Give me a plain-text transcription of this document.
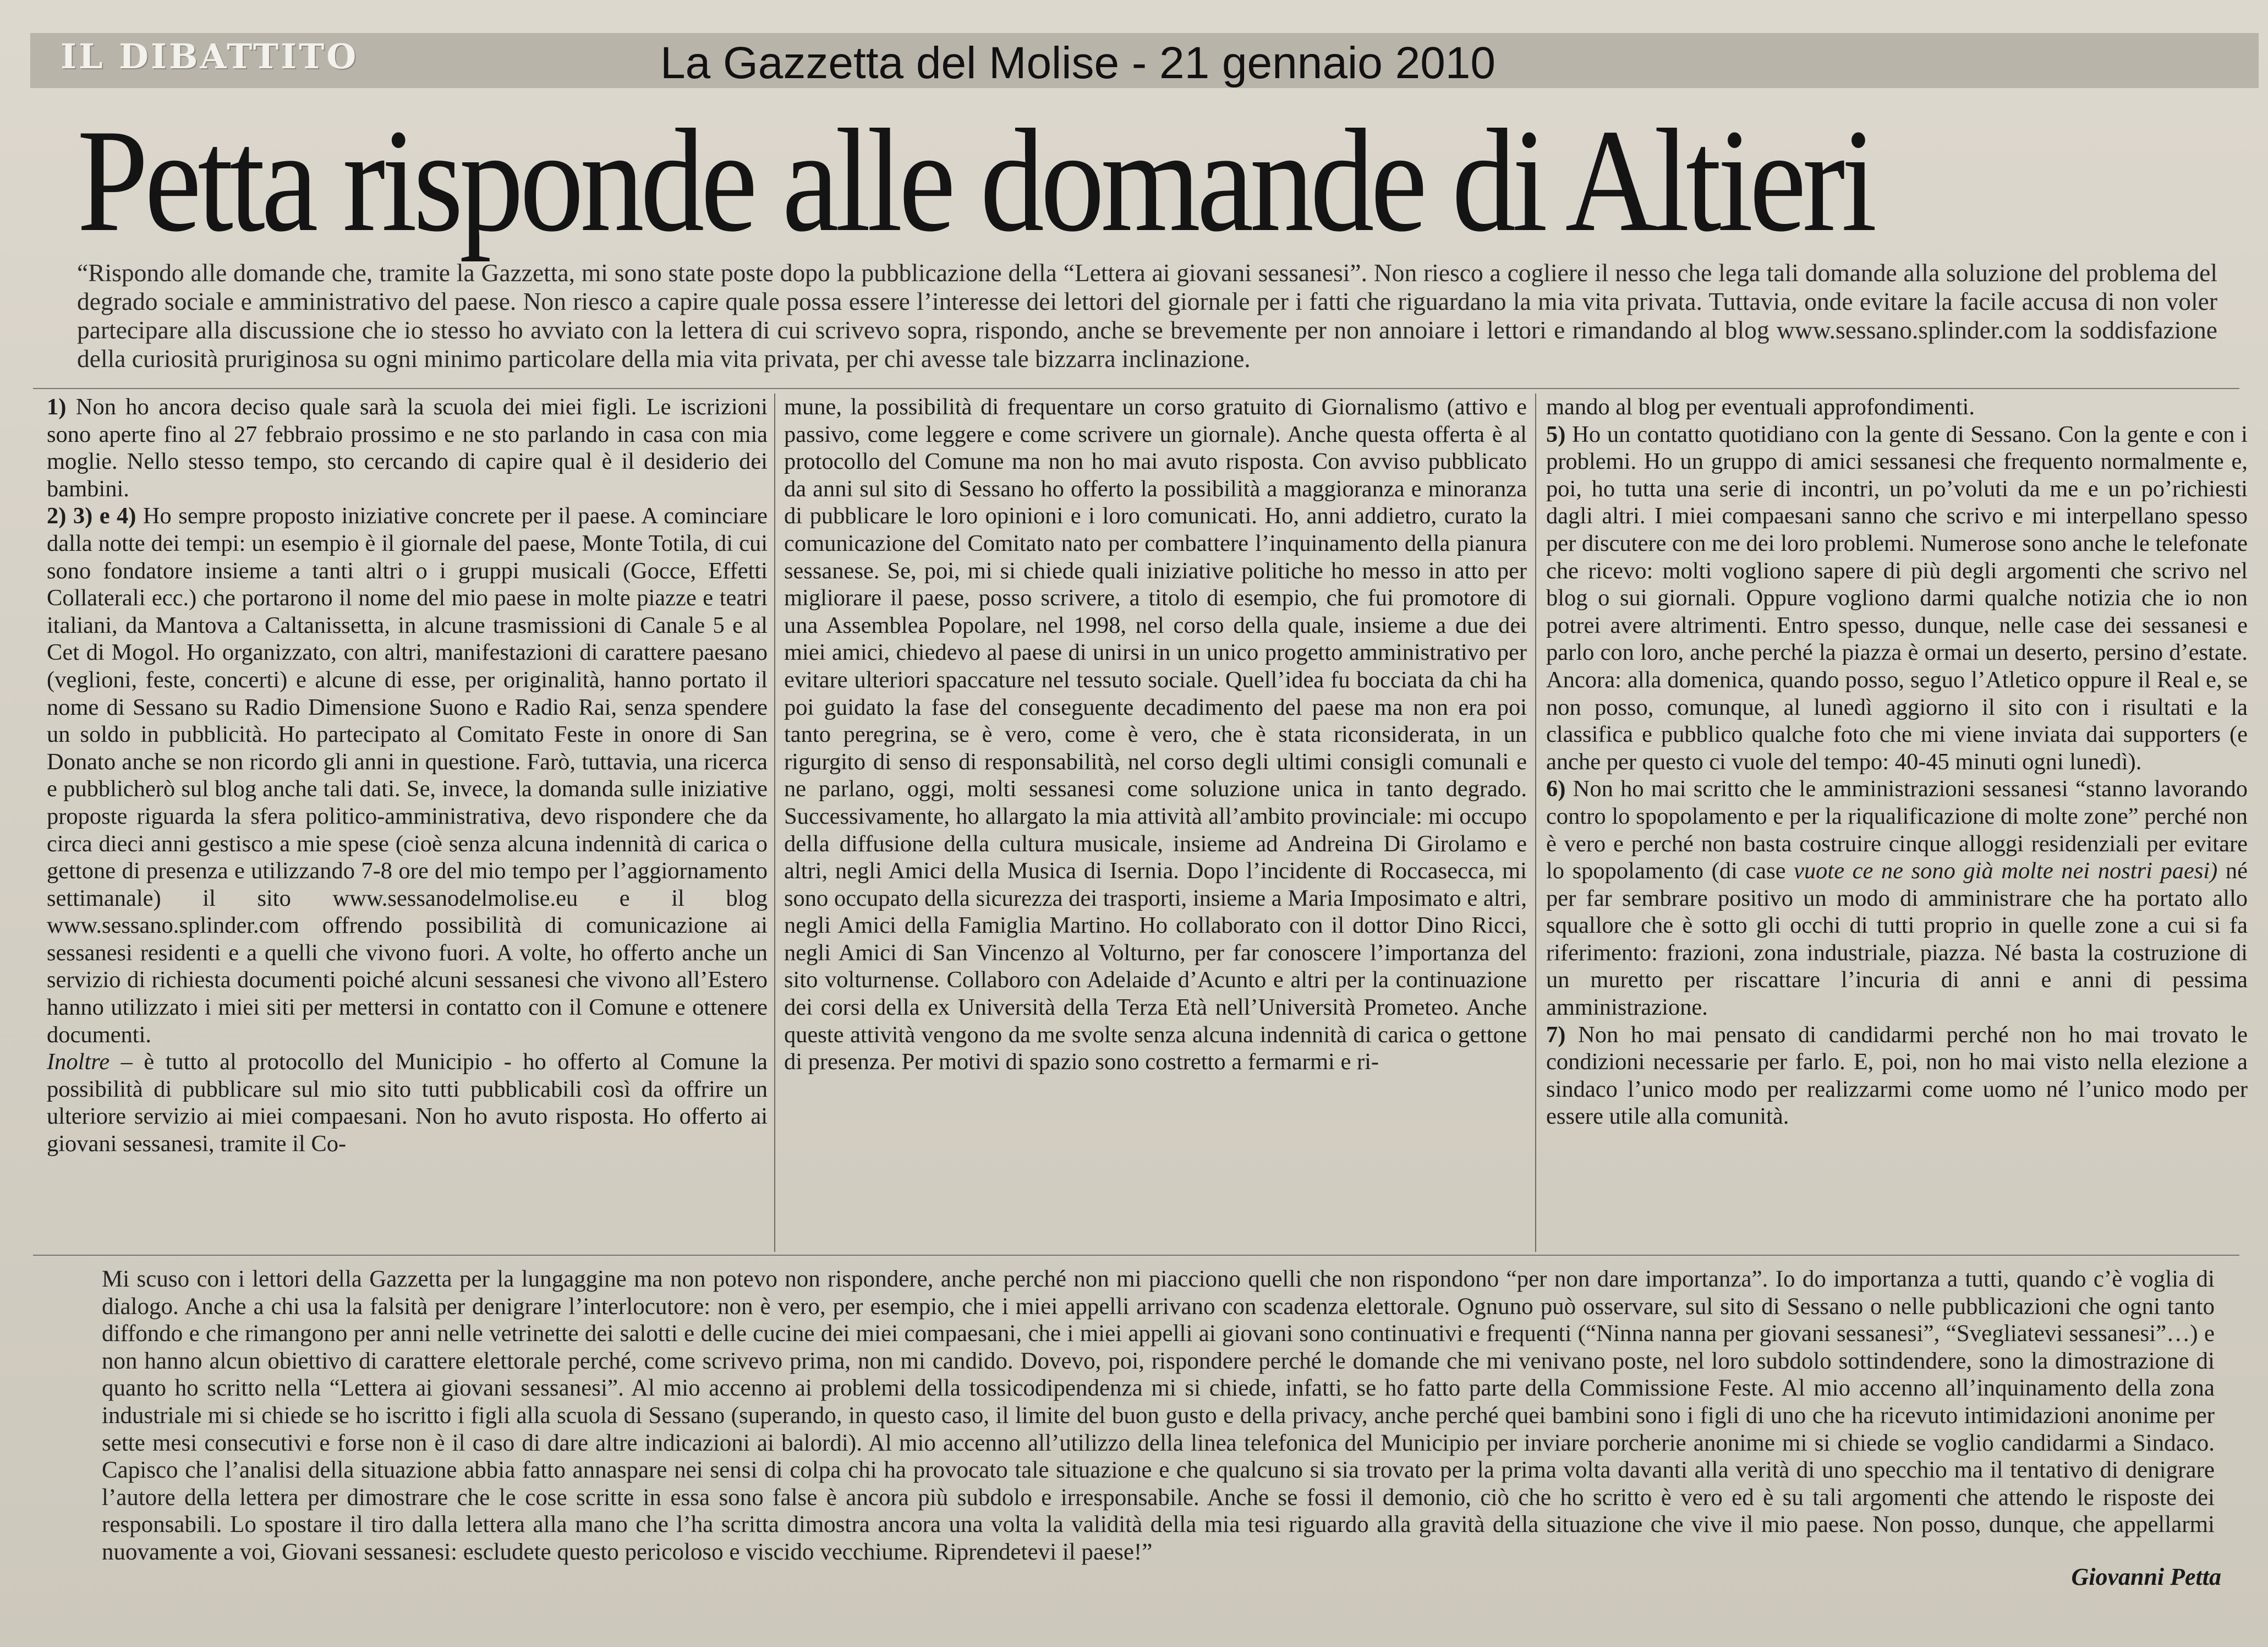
IL DIBATTITO	La Gazzetta del Molise - 21 gennaio 2010
Petta risponde alle domande di Altieri
“Rispondo alle domande che, tramite la Gazzetta, mi sono state poste dopo la pubblicazione della “Lettera ai giovani sessanesi”. Non riesco a cogliere il nesso che lega tali domande alla soluzione del problema del degrado sociale e amministrativo del paese. Non riesco a capire quale possa essere l’interesse dei lettori del giornale per i fatti che riguardano la mia vita privata. Tuttavia, onde evitare la facile accusa di non voler partecipare alla discussione che io stesso ho avviato con la lettera di cui scrivevo sopra, rispondo, anche se brevemente per non annoiare i lettori e rimandando al blog www.sessano.splinder.com la soddisfazione della curiosità pruriginosa su ogni minimo particolare della mia vita privata, per chi avesse tale bizzarra inclinazione.

1) Non ho ancora deciso quale sarà la scuola dei miei figli. Le iscrizioni sono aperte fino al 27 febbraio prossimo e ne sto parlando in casa con mia moglie. Nello stesso tempo, sto cercando di capire qual è il desiderio dei bambini.

2) 3) e 4) Ho sempre proposto iniziative concrete per il paese. A cominciare dalla notte dei tempi: un esempio è il giornale del paese, Monte Totila, di cui sono fondatore insieme a tanti altri o i gruppi musicali (Gocce, Effetti Collaterali ecc.) che portarono il nome del mio paese in molte piazze e teatri italiani, da Mantova a Caltanissetta, in alcune trasmissioni di Canale 5 e al Cet di Mogol. Ho organizzato, con altri, manifestazioni di carattere paesano (veglioni, feste, concerti) e alcune di esse, per originalità, hanno portato il nome di Sessano su Radio Dimensione Suono e Radio Rai, senza spendere un soldo in pubblicità. Ho partecipato al Comitato Feste in onore di San Donato anche se non ricordo gli anni in questione. Farò, tuttavia, una ricerca e pubblicherò sul blog anche tali dati. Se, invece, la domanda sulle iniziative proposte riguarda la sfera politico-amministrativa, devo rispondere che da circa dieci anni gestisco a mie spese (cioè senza alcuna indennità di carica o gettone di presenza e utilizzando 7-8 ore del mio tempo per l’aggiornamento settimanale) il sito www.sessanodelmolise.eu e il blog www.sessano.splinder.com offrendo possibilità di comunicazione ai sessanesi residenti e a quelli che vivono fuori. A volte, ho offerto anche un servizio di richiesta documenti poiché alcuni sessanesi che vivono all’Estero hanno utilizzato i miei siti per mettersi in contatto con il Comune e ottenere documenti.

Inoltre – è tutto al protocollo del Municipio - ho offerto al Comune la possibilità di pubblicare sul mio sito tutti pubblicabili così da offrire un ulteriore servizio ai miei compaesani. Non ho avuto risposta. Ho offerto ai giovani sessanesi, tramite il Co-

mune, la possibilità di frequentare un corso gratuito di Giornalismo (attivo e passivo, come leggere e come scrivere un giornale). Anche questa offerta è al protocollo del Comune ma non ho mai avuto risposta. Con avviso pubblicato da anni sul sito di Sessano ho offerto la possibilità a maggioranza e minoranza di pubblicare le loro opinioni e i loro comunicati. Ho, anni addietro, curato la comunicazione del Comitato nato per combattere l’inquinamento della pianura sessanese. Se, poi, mi si chiede quali iniziative politiche ho messo in atto per migliorare il paese, posso scrivere, a titolo di esempio, che fui promotore di una Assemblea Popolare, nel 1998, nel corso della quale, insieme a due dei miei amici, chiedevo al paese di unirsi in un unico progetto amministrativo per evitare ulteriori spaccature nel tessuto sociale. Quell’idea fu bocciata da chi ha poi guidato la fase del conseguente decadimento del paese ma non era poi tanto peregrina, se è vero, come è vero, che è stata riconsiderata, in un rigurgito di senso di responsabilità, nel corso degli ultimi consigli comunali e ne parlano, oggi, molti sessanesi come soluzione unica in tanto degrado. Successivamente, ho allargato la mia attività all’ambito provinciale: mi occupo della diffusione della cultura musicale, insieme ad Andreina Di Girolamo e altri, negli Amici della Musica di Isernia. Dopo l’incidente di Roccasecca, mi sono occupato della sicurezza dei trasporti, insieme a Maria Imposimato e altri, negli Amici della Famiglia Martino. Ho collaborato con il dottor Dino Ricci, negli Amici di San Vincenzo al Volturno, per far conoscere l’importanza del sito volturnense. Collaboro con Adelaide d’Acunto e altri per la continuazione dei corsi della ex Università della Terza Età nell’Università Prometeo. Anche queste attività vengono da me svolte senza alcuna indennità di carica o gettone di presenza. Per motivi di spazio sono costretto a fermarmi e ri-

mando al blog per eventuali approfondimenti.

5) Ho un contatto quotidiano con la gente di Sessano. Con la gente e con i problemi. Ho un gruppo di amici sessanesi che frequento normalmente e, poi, ho tutta una serie di incontri, un po’voluti da me e un po’richiesti dagli altri. I miei compaesani sanno che scrivo e mi interpellano spesso per discutere con me dei loro problemi. Numerose sono anche le telefonate che ricevo: molti vogliono sapere di più degli argomenti che scrivo nel blog o sui giornali. Oppure vogliono darmi qualche notizia che io non potrei avere altrimenti. Entro spesso, dunque, nelle case dei sessanesi e parlo con loro, anche perché la piazza è ormai un deserto, persino d’estate. Ancora: alla domenica, quando posso, seguo l’Atletico oppure il Real e, se non posso, comunque, al lunedì aggiorno il sito con i risultati e la classifica e pubblico qualche foto che mi viene inviata dai supporters (e anche per questo ci vuole del tempo: 40-45 minuti ogni lunedì).

6) Non ho mai scritto che le amministrazioni sessanesi “stanno lavorando contro lo spopolamento e per la riqualificazione di molte zone” perché non è vero e perché non basta costruire cinque alloggi residenziali per evitare lo spopolamento (di case vuote ce ne sono già molte nei nostri paesi) né per far sembrare positivo un modo di amministrare che ha portato allo squallore che è sotto gli occhi di tutti proprio in quelle zone a cui si fa riferimento: frazioni, zona industriale, piazza. Né basta la costruzione di un muretto per riscattare l’incuria di anni e anni di pessima amministrazione.

7) Non ho mai pensato di candidarmi perché non ho mai trovato le condizioni necessarie per farlo. E, poi, non ho mai visto nella elezione a sindaco l’unico modo per realizzarmi come uomo né l’unico modo per essere utile alla comunità.

Mi scuso con i lettori della Gazzetta per la lungaggine ma non potevo non rispondere, anche perché non mi piacciono quelli che non rispondono “per non dare importanza”. Io do importanza a tutti, quando c’è voglia di dialogo. Anche a chi usa la falsità per denigrare l’interlocutore: non è vero, per esempio, che i miei appelli arrivano con scadenza elettorale. Ognuno può osservare, sul sito di Sessano o nelle pubblicazioni che ogni tanto diffondo e che rimangono per anni nelle vetrinette dei salotti e delle cucine dei miei compaesani, che i miei appelli ai giovani sono continuativi e frequenti (“Ninna nanna per giovani sessanesi”, “Svegliatevi sessanesi”…) e non hanno alcun obiettivo di carattere elettorale perché, come scrivevo prima, non mi candido. Dovevo, poi, rispondere perché le domande che mi venivano poste, nel loro subdolo sottindendere, sono la dimostrazione di quanto ho scritto nella “Lettera ai giovani sessanesi”. Al mio accenno ai problemi della tossicodipendenza mi si chiede, infatti, se ho fatto parte della Commissione Feste. Al mio accenno all’inquinamento della zona industriale mi si chiede se ho iscritto i figli alla scuola di Sessano (superando, in questo caso, il limite del buon gusto e della privacy, anche perché quei bambini sono i figli di uno che ha ricevuto intimidazioni anonime per sette mesi consecutivi e forse non è il caso di dare altre indicazioni ai balordi). Al mio accenno all’utilizzo della linea telefonica del Municipio per inviare porcherie anonime mi si chiede se voglio candidarmi a Sindaco. Capisco che l’analisi della situazione abbia fatto annaspare nei sensi di colpa chi ha provocato tale situazione e che qualcuno si sia trovato per la prima volta davanti alla verità di uno specchio ma il tentativo di denigrare l’autore della lettera per dimostrare che le cose scritte in essa sono false è ancora più subdolo e irresponsabile. Anche se fossi il demonio, ciò che ho scritto è vero ed è su tali argomenti che attendo le risposte dei responsabili. Lo spostare il tiro dalla lettera alla mano che l’ha scritta dimostra ancora una volta la validità della mia tesi riguardo alla gravità della situazione che vive il mio paese. Non posso, dunque, che appellarmi nuovamente a voi, Giovani sessanesi: escludete questo pericoloso e viscido vecchiume. Riprendetevi il paese!”
Giovanni Petta
